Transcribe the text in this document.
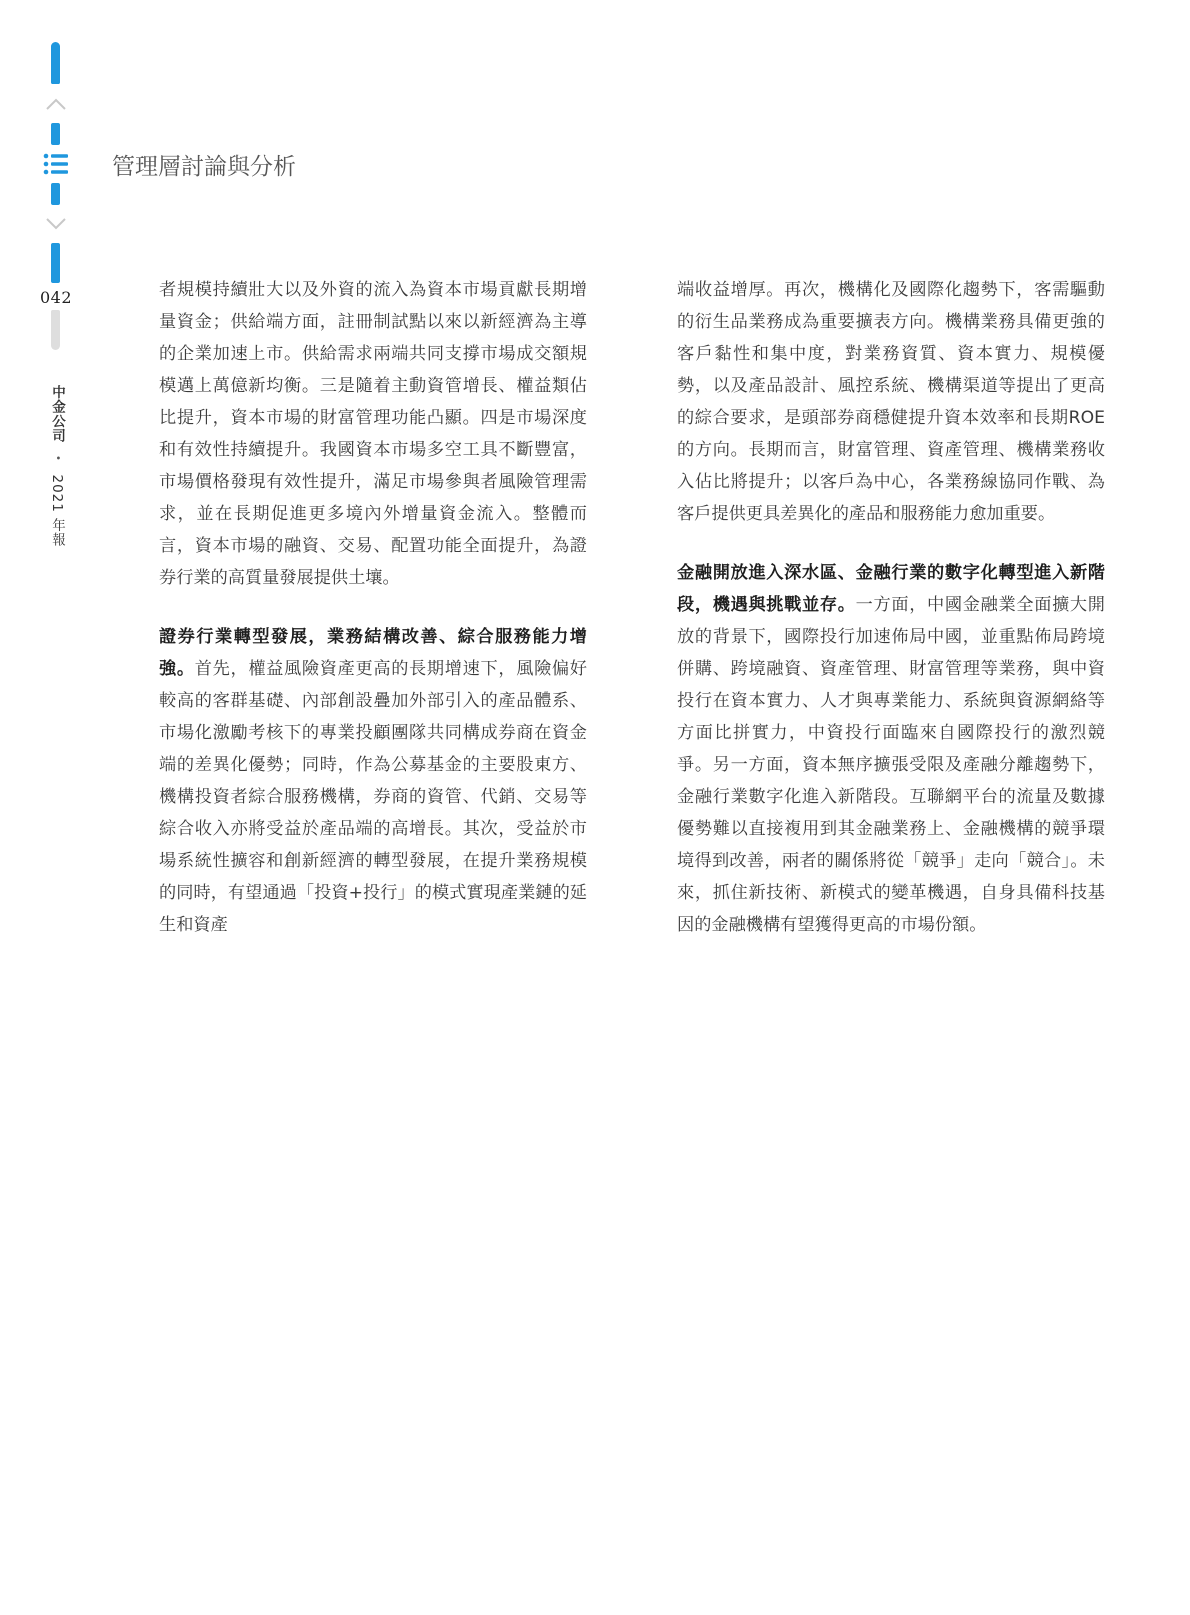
042
中金公司 • 2021 年報
管理層討論與分析

者規模持續壯大以及外資的流入為資本市場貢獻長期增量資金；供給端方面，註冊制試點以來以新經濟為主導的企業加速上市。供給需求兩端共同支撐市場成交額規模邁上萬億新均衡。三是隨着主動資管增長、權益類佔比提升，資本市場的財富管理功能凸顯。四是市場深度和有效性持續提升。我國資本市場多空工具不斷豐富，市場價格發現有效性提升，滿足市場參與者風險管理需求，並在長期促進更多境內外增量資金流入。整體而言，資本市場的融資、交易、配置功能全面提升，為證券行業的高質量發展提供土壤。

證券行業轉型發展，業務結構改善、綜合服務能力增強。首先，權益風險資產更高的長期增速下，風險偏好較高的客群基礎、內部創設疊加外部引入的產品體系、市場化激勵考核下的專業投顧團隊共同構成券商在資金端的差異化優勢；同時，作為公募基金的主要股東方、機構投資者綜合服務機構，券商的資管、代銷、交易等綜合收入亦將受益於產品端的高增長。其次，受益於市場系統性擴容和創新經濟的轉型發展，在提升業務規模的同時，有望通過「投資+投行」的模式實現產業鏈的延生和資產

端收益增厚。再次，機構化及國際化趨勢下，客需驅動的衍生品業務成為重要擴表方向。機構業務具備更強的客戶黏性和集中度，對業務資質、資本實力、規模優勢，以及產品設計、風控系統、機構渠道等提出了更高的綜合要求，是頭部券商穩健提升資本效率和長期ROE的方向。長期而言，財富管理、資產管理、機構業務收入佔比將提升；以客戶為中心，各業務線協同作戰、為客戶提供更具差異化的產品和服務能力愈加重要。

金融開放進入深水區、金融行業的數字化轉型進入新階段，機遇與挑戰並存。一方面，中國金融業全面擴大開放的背景下，國際投行加速佈局中國，並重點佈局跨境併購、跨境融資、資產管理、財富管理等業務，與中資投行在資本實力、人才與專業能力、系統與資源網絡等方面比拼實力，中資投行面臨來自國際投行的激烈競爭。另一方面，資本無序擴張受限及產融分離趨勢下，金融行業數字化進入新階段。互聯網平台的流量及數據優勢難以直接複用到其金融業務上、金融機構的競爭環境得到改善，兩者的關係將從「競爭」走向「競合」。未來，抓住新技術、新模式的變革機遇，自身具備科技基因的金融機構有望獲得更高的市場份額。
